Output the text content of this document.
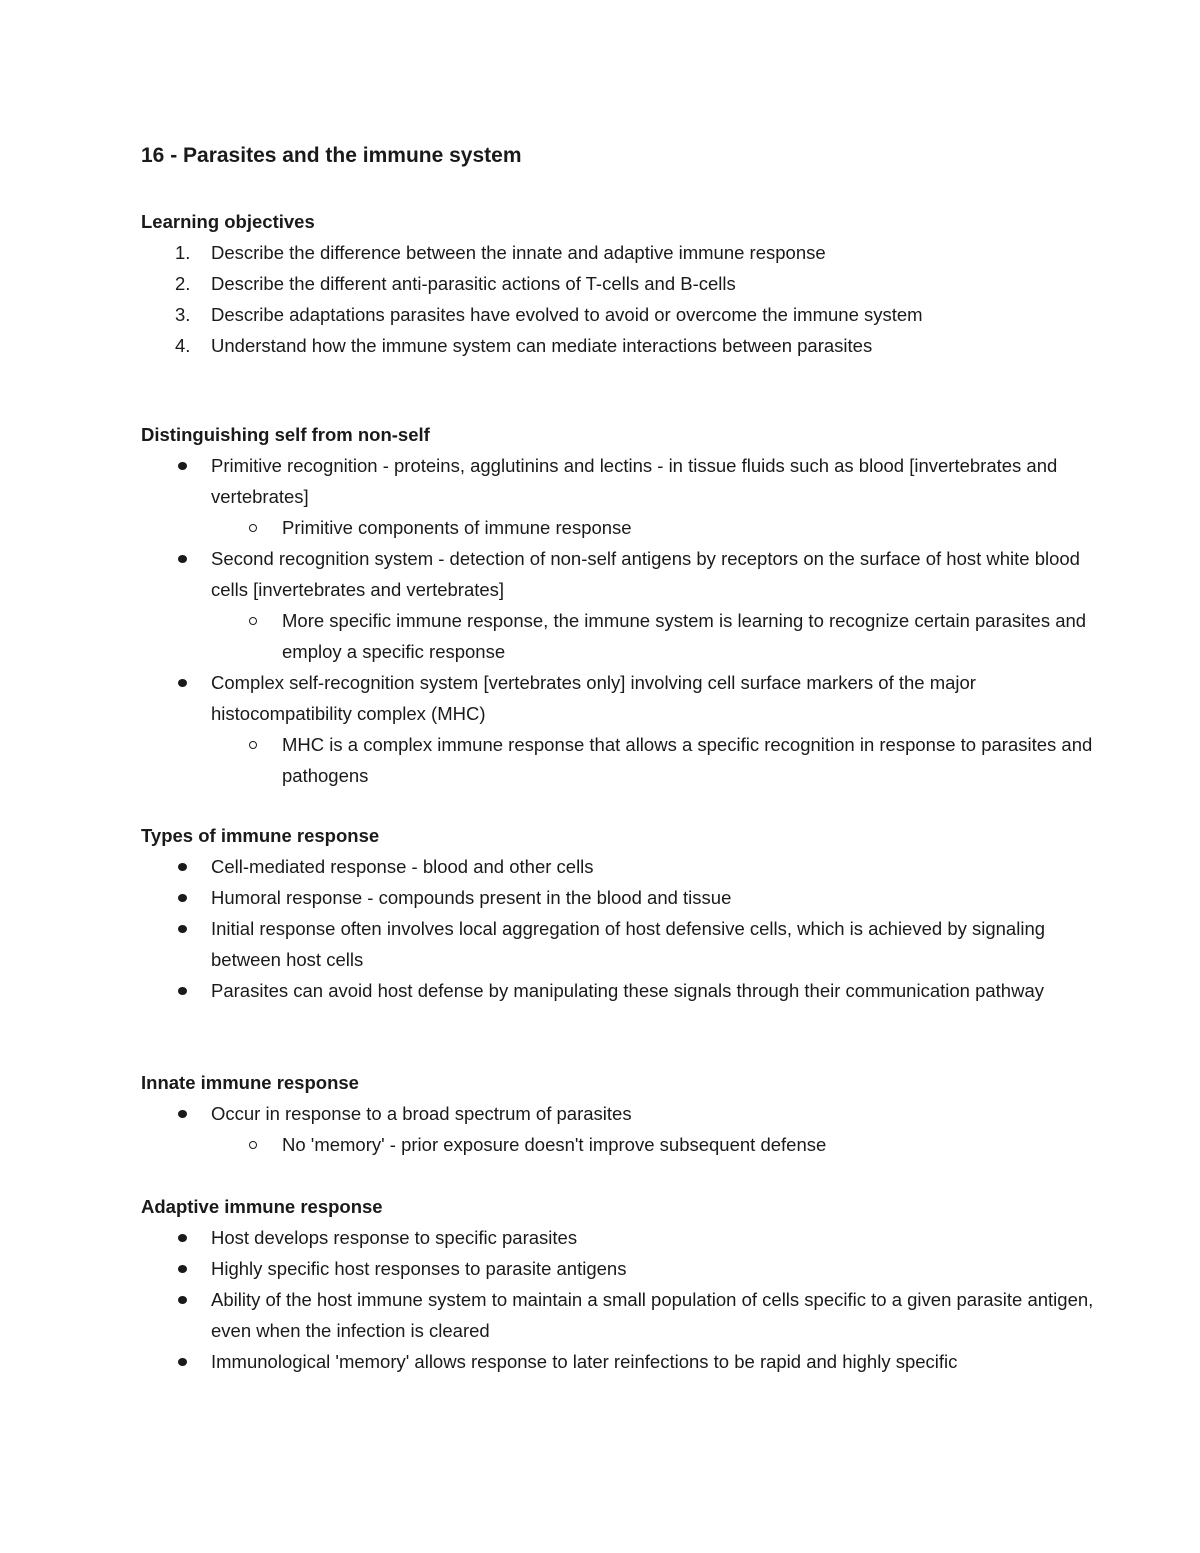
16 - Parasites and the immune system
Learning objectives
1. Describe the difference between the innate and adaptive immune response
2. Describe the different anti-parasitic actions of T-cells and B-cells
3. Describe adaptations parasites have evolved to avoid or overcome the immune system
4. Understand how the immune system can mediate interactions between parasites
Distinguishing self from non-self
Primitive recognition - proteins, agglutinins and lectins - in tissue fluids such as blood [invertebrates and vertebrates]
Primitive components of immune response
Second recognition system - detection of non-self antigens by receptors on the surface of host white blood cells [invertebrates and vertebrates]
More specific immune response, the immune system is learning to recognize certain parasites and employ a specific response
Complex self-recognition system [vertebrates only] involving cell surface markers of the major histocompatibility complex (MHC)
MHC is a complex immune response that allows a specific recognition in response to parasites and pathogens
Types of immune response
Cell-mediated response - blood and other cells
Humoral response - compounds present in the blood and tissue
Initial response often involves local aggregation of host defensive cells, which is achieved by signaling between host cells
Parasites can avoid host defense by manipulating these signals through their communication pathway
Innate immune response
Occur in response to a broad spectrum of parasites
No 'memory' - prior exposure doesn't improve subsequent defense
Adaptive immune response
Host develops response to specific parasites
Highly specific host responses to parasite antigens
Ability of the host immune system to maintain a small population of cells specific to a given parasite antigen, even when the infection is cleared
Immunological 'memory' allows response to later reinfections to be rapid and highly specific
